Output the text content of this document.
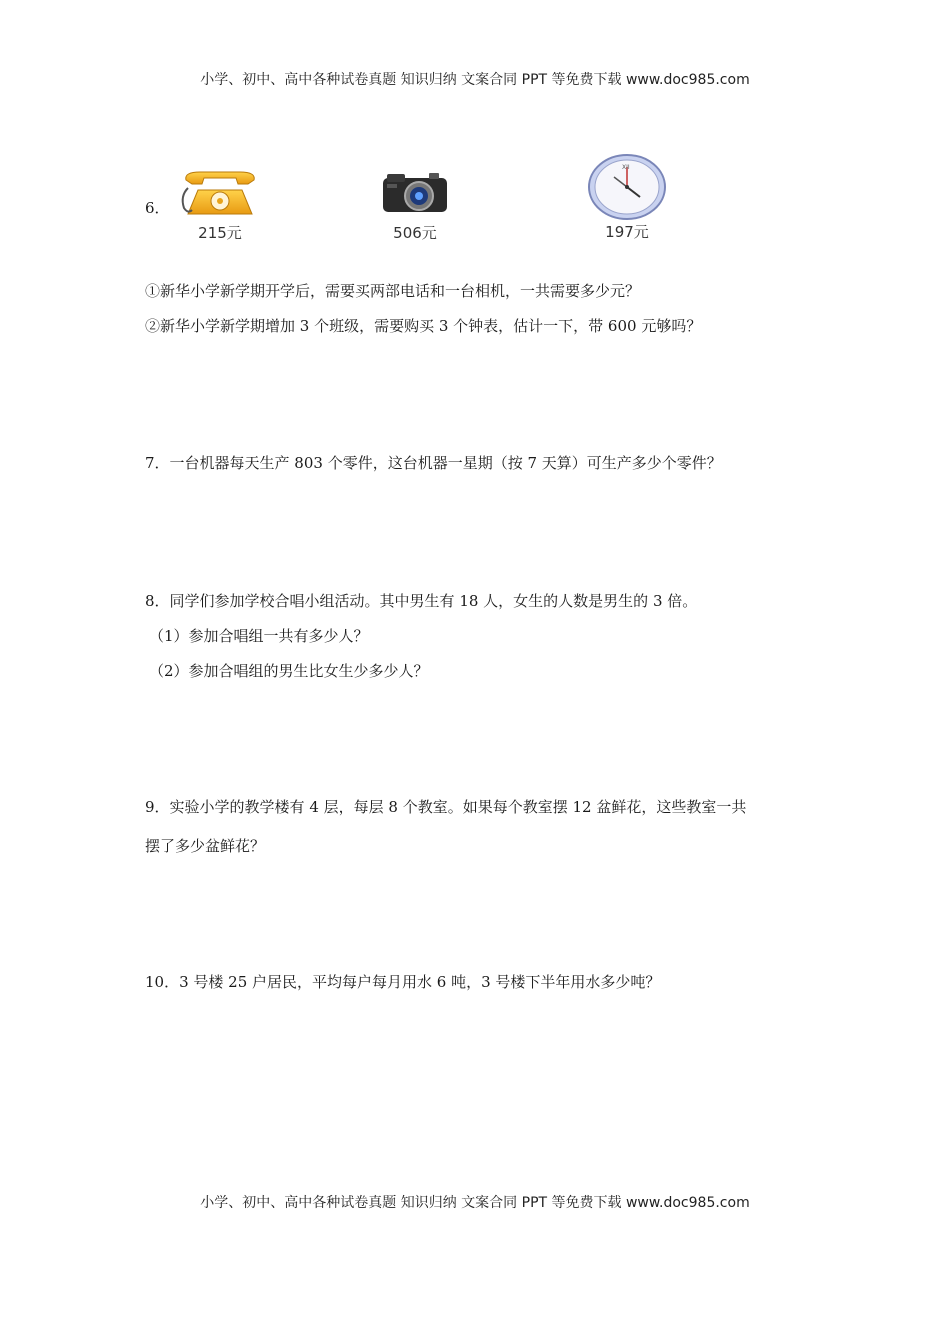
小学、初中、高中各种试卷真题 知识归纳 文案合同 PPT 等免费下载 www.doc985.com
6．
215元	506元
XII
197元
①新华小学新学期开学后，需要买两部电话和一台相机，一共需要多少元？
②新华小学新学期增加 3 个班级，需要购买 3 个钟表，估计一下，带 600 元够吗？
7．一台机器每天生产 803 个零件，这台机器一星期（按 7 天算）可生产多少个零件？
8．同学们参加学校合唱小组活动。其中男生有 18 人，女生的人数是男生的 3 倍。
（1）参加合唱组一共有多少人？
（2）参加合唱组的男生比女生少多少人？
9．实验小学的教学楼有 4 层，每层 8 个教室。如果每个教室摆 12 盆鲜花，这些教室一共
摆了多少盆鲜花？
10．3 号楼 25 户居民，平均每户每月用水 6 吨，3 号楼下半年用水多少吨？
小学、初中、高中各种试卷真题 知识归纳 文案合同 PPT 等免费下载 www.doc985.com
